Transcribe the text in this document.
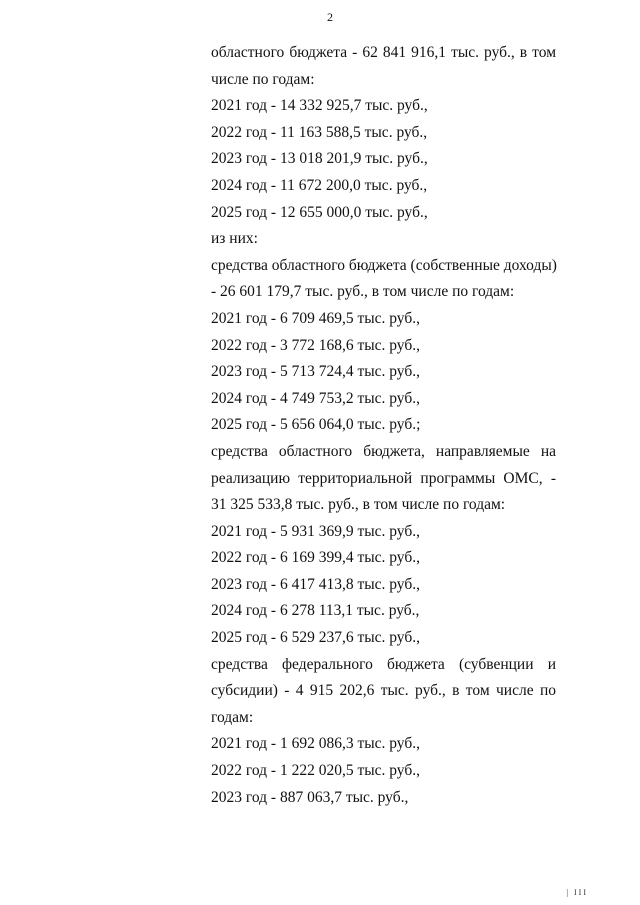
2
областного бюджета - 62 841 916,1 тыс. руб., в том
числе по годам:
2021 год - 14 332 925,7 тыс. руб.,
2022 год - 11 163 588,5 тыс. руб.,
2023 год - 13 018 201,9 тыс. руб.,
2024 год - 11 672 200,0 тыс. руб.,
2025 год - 12 655 000,0 тыс. руб.,
из них:
средства областного бюджета (собственные доходы)
- 26 601 179,7 тыс. руб., в том числе по годам:
2021 год - 6 709 469,5 тыс. руб.,
2022 год - 3 772 168,6 тыс. руб.,
2023 год - 5 713 724,4 тыс. руб.,
2024 год - 4 749 753,2 тыс. руб.,
2025 год - 5 656 064,0 тыс. руб.;
средства областного бюджета, направляемые на
реализацию территориальной программы ОМС, -
31 325 533,8 тыс. руб., в том числе по годам:
2021 год - 5 931 369,9 тыс. руб.,
2022 год - 6 169 399,4 тыс. руб.,
2023 год - 6 417 413,8 тыс. руб.,
2024 год - 6 278 113,1 тыс. руб.,
2025 год - 6 529 237,6 тыс. руб.,
средства федерального бюджета (субвенции и
субсидии) - 4 915 202,6 тыс. руб., в том числе по
годам:
2021 год - 1 692 086,3 тыс. руб.,
2022 год - 1 222 020,5 тыс. руб.,
2023 год - 887 063,7 тыс. руб.,
| III
